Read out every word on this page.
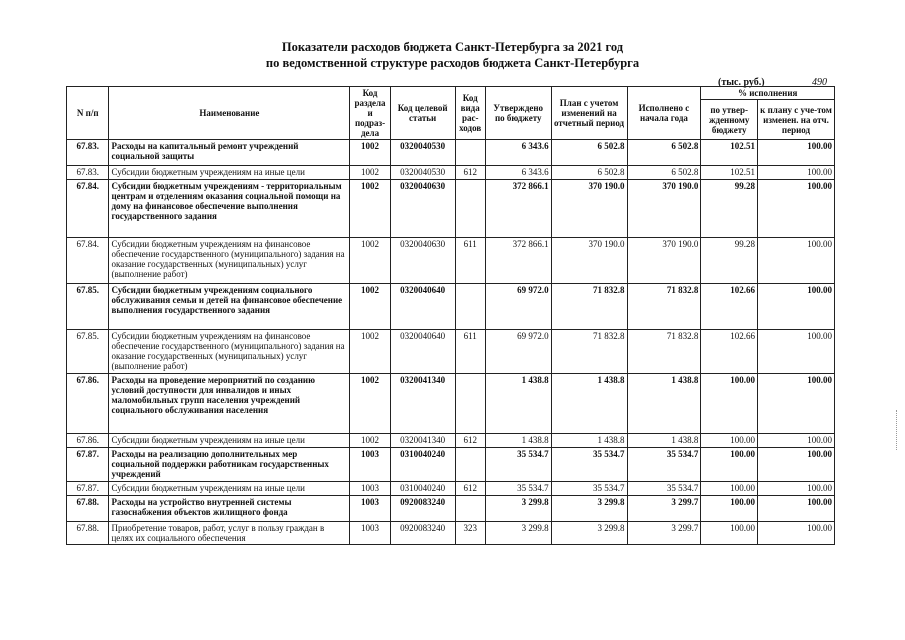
Показатели расходов бюджета Санкт-Петербурга за 2021 год
по ведомственной структуре расходов бюджета Санкт-Петербурга
(тыс. руб.)	490
N п/п	Наименование	Код раздела и подраз-дела	Код целевой статьи	Код вида рас-ходов	Утверждено по бюджету	План с учетом изменений на отчетный период	Исполнено с начала года	% исполнения	
								по утвер-жденному бюджету	к плану с уче-том изменен. на отч. период
67.83.	Расходы на капитальный ремонт учреждений социальной защиты	1002	0320040530		6 343.6	6 502.8	6 502.8	102.51	100.00
67.83.	Субсидии бюджетным учреждениям на иные цели	1002	0320040530	612	6 343.6	6 502.8	6 502.8	102.51	100.00
67.84.	Субсидии бюджетным учреждениям - территориальным центрам и отделениям оказания социальной помощи на дому на финансовое обеспечение выполнения государственного задания	1002	0320040630		372 866.1	370 190.0	370 190.0	99.28	100.00
67.84.	Субсидии бюджетным учреждениям на финансовое обеспечение государственного (муниципального) задания на оказание государственных (муниципальных) услуг (выполнение работ)	1002	0320040630	611	372 866.1	370 190.0	370 190.0	99.28	100.00
67.85.	Субсидии бюджетным учреждениям социального обслуживания семьи и детей на финансовое обеспечение выполнения государственного задания	1002	0320040640		69 972.0	71 832.8	71 832.8	102.66	100.00
67.85.	Субсидии бюджетным учреждениям на финансовое обеспечение государственного (муниципального) задания на оказание государственных (муниципальных) услуг (выполнение работ)	1002	0320040640	611	69 972.0	71 832.8	71 832.8	102.66	100.00
67.86.	Расходы на проведение мероприятий по созданию условий доступности для инвалидов и иных маломобильных групп населения учреждений социального обслуживания населения	1002	0320041340		1 438.8	1 438.8	1 438.8	100.00	100.00
67.86.	Субсидии бюджетным учреждениям на иные цели	1002	0320041340	612	1 438.8	1 438.8	1 438.8	100.00	100.00
67.87.	Расходы на реализацию дополнительных мер социальной поддержки работникам государственных учреждений	1003	0310040240		35 534.7	35 534.7	35 534.7	100.00	100.00
67.87.	Субсидии бюджетным учреждениям на иные цели	1003	0310040240	612	35 534.7	35 534.7	35 534.7	100.00	100.00
67.88.	Расходы на устройство внутренней системы газоснабжения объектов жилищного фонда	1003	0920083240		3 299.8	3 299.8	3 299.7	100.00	100.00
67.88.	Приобретение товаров, работ, услуг в пользу граждан в целях их социального обеспечения	1003	0920083240	323	3 299.8	3 299.8	3 299.7	100.00	100.00
